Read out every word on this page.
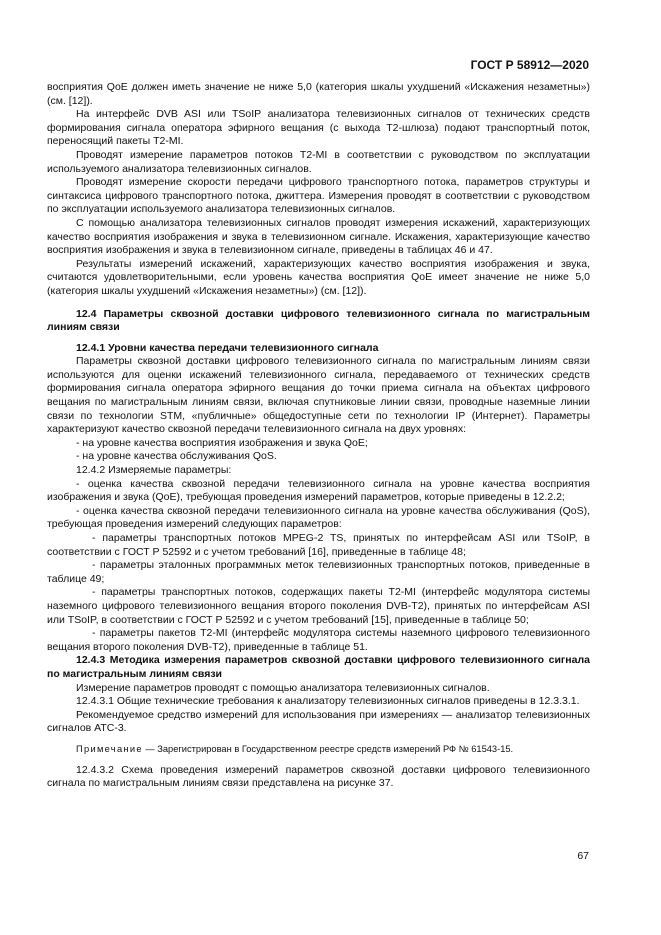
ГОСТ Р 58912—2020

восприятия QoE должен иметь значение не ниже 5,0 (категория шкалы ухудшений «Искажения незаметны») (см. [12]).

На интерфейс DVB ASI или TSoIP анализатора телевизионных сигналов от технических средств формирования сигнала оператора эфирного вещания (с выхода Т2-шлюза) подают транспортный поток, переносящий пакеты Т2-МI.

Проводят измерение параметров потоков Т2-МI в соответствии с руководством по эксплуатации используемого анализатора телевизионных сигналов.

Проводят измерение скорости передачи цифрового транспортного потока, параметров структуры и синтаксиса цифрового транспортного потока, джиттера. Измерения проводят в соответствии с руководством по эксплуатации используемого анализатора телевизионных сигналов.

С помощью анализатора телевизионных сигналов проводят измерения искажений, характеризующих качество восприятия изображения и звука в телевизионном сигнале. Искажения, характеризующие качество восприятия изображения и звука в телевизионном сигнале, приведены в таблицах 46 и 47.

Результаты измерений искажений, характеризующих качество восприятия изображения и звука, считаются удовлетворительными, если уровень качества восприятия QoE имеет значение не ниже 5,0 (категория шкалы ухудшений «Искажения незаметны») (см. [12]).

12.4 Параметры сквозной доставки цифрового телевизионного сигнала по магистральным линиям связи
12.4.1 Уровни качества передачи телевизионного сигнала

Параметры сквозной доставки цифрового телевизионного сигнала по магистральным линиям связи используются для оценки искажений телевизионного сигнала, передаваемого от технических средств формирования сигнала оператора эфирного вещания до точки приема сигнала на объектах цифрового вещания по магистральным линиям связи, включая спутниковые линии связи, проводные наземные линии связи по технологии STM, «публичные» общедоступные сети по технологии IP (Интернет). Параметры характеризуют качество сквозной передачи телевизионного сигнала на двух уровнях:

- на уровне качества восприятия изображения и звука QoE;

- на уровне качества обслуживания QoS.

12.4.2 Измеряемые параметры:

- оценка качества сквозной передачи телевизионного сигнала на уровне качества восприятия изображения и звука (QoE), требующая проведения измерений параметров, которые приведены в 12.2.2;

- оценка качества сквозной передачи телевизионного сигнала на уровне качества обслуживания (QoS), требующая проведения измерений следующих параметров:

- параметры транспортных потоков MPEG-2 TS, принятых по интерфейсам ASI или TSoIP, в соответствии с ГОСТ Р 52592 и с учетом требований [16], приведенные в таблице 48;

- параметры эталонных программных меток телевизионных транспортных потоков, приведенные в таблице 49;

- параметры транспортных потоков, содержащих пакеты Т2-МI (интерфейс модулятора системы наземного цифрового телевизионного вещания второго поколения DVB-T2), принятых по интерфейсам ASI или TSoIP, в соответствии с ГОСТ Р 52592 и с учетом требований [15], приведенные в таблице 50;

- параметры пакетов Т2-МI (интерфейс модулятора системы наземного цифрового телевизионного вещания второго поколения DVB-T2), приведенные в таблице 51.

12.4.3 Методика измерения параметров сквозной доставки цифрового телевизионного сигнала по магистральным линиям связи

Измерение параметров проводят с помощью анализатора телевизионных сигналов.

12.4.3.1 Общие технические требования к анализатору телевизионных сигналов приведены в 12.3.3.1.

Рекомендуемое средство измерений для использования при измерениях — анализатор телевизионных сигналов АТС-3.

Примечание — Зарегистрирован в Государственном реестре средств измерений РФ № 61543-15.

12.4.3.2 Схема проведения измерений параметров сквозной доставки цифрового телевизионного сигнала по магистральным линиям связи представлена на рисунке 37.

67
